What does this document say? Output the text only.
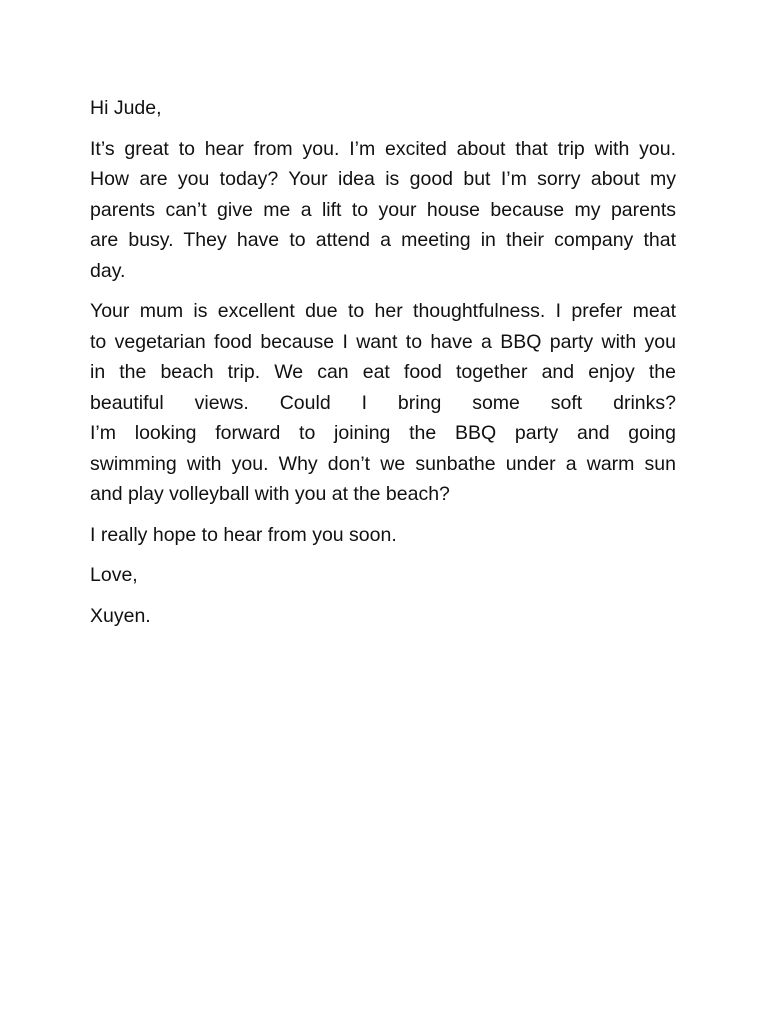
Hi Jude,

It’s great to hear from you. I’m excited about that trip with you.
How are you today? Your idea is good but I’m sorry about my
parents can’t give me a lift to your house because my parents
are busy. They have to attend a meeting in their company that
day.

Your mum is excellent due to her thoughtfulness. I prefer meat
to vegetarian food because I want to have a BBQ party with you
in the beach trip. We can eat food together and enjoy the
beautiful views. Could I bring some soft drinks?
I’m looking forward to joining the BBQ party and going
swimming with you. Why don’t we sunbathe under a warm sun
and play volleyball with you at the beach?

I really hope to hear from you soon.

Love,

Xuyen.
